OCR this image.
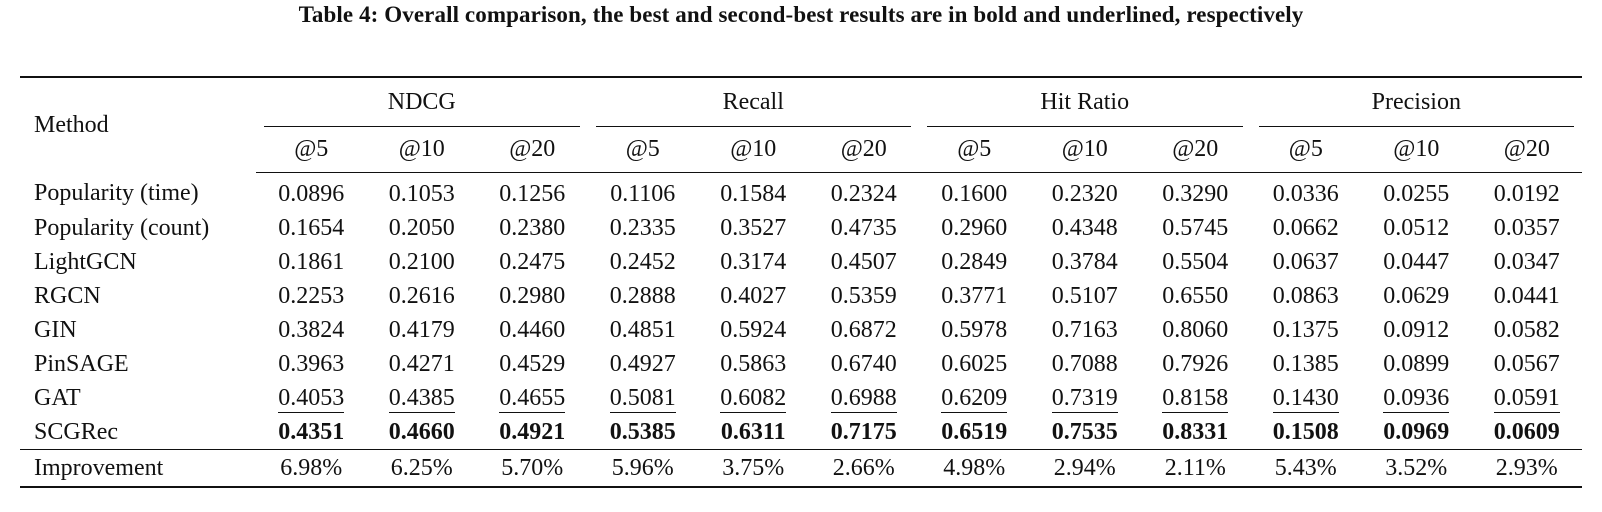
Table 4: Overall comparison, the best and second-best results are in bold and underlined, respectively
Method	NDCG			Recall			Hit Ratio			Precision		

	@5	@10	@20	@5	@10	@20	@5	@10	@20	@5	@10	@20
Popularity (time)	0.0896	0.1053	0.1256	0.1106	0.1584	0.2324	0.1600	0.2320	0.3290	0.0336	0.0255	0.0192
Popularity (count)	0.1654	0.2050	0.2380	0.2335	0.3527	0.4735	0.2960	0.4348	0.5745	0.0662	0.0512	0.0357
LightGCN	0.1861	0.2100	0.2475	0.2452	0.3174	0.4507	0.2849	0.3784	0.5504	0.0637	0.0447	0.0347
RGCN	0.2253	0.2616	0.2980	0.2888	0.4027	0.5359	0.3771	0.5107	0.6550	0.0863	0.0629	0.0441
GIN	0.3824	0.4179	0.4460	0.4851	0.5924	0.6872	0.5978	0.7163	0.8060	0.1375	0.0912	0.0582
PinSAGE	0.3963	0.4271	0.4529	0.4927	0.5863	0.6740	0.6025	0.7088	0.7926	0.1385	0.0899	0.0567
GAT	0.4053	0.4385	0.4655	0.5081	0.6082	0.6988	0.6209	0.7319	0.8158	0.1430	0.0936	0.0591
SCGRec	0.4351	0.4660	0.4921	0.5385	0.6311	0.7175	0.6519	0.7535	0.8331	0.1508	0.0969	0.0609
Improvement	6.98%	6.25%	5.70%	5.96%	3.75%	2.66%	4.98%	2.94%	2.11%	5.43%	3.52%	2.93%
